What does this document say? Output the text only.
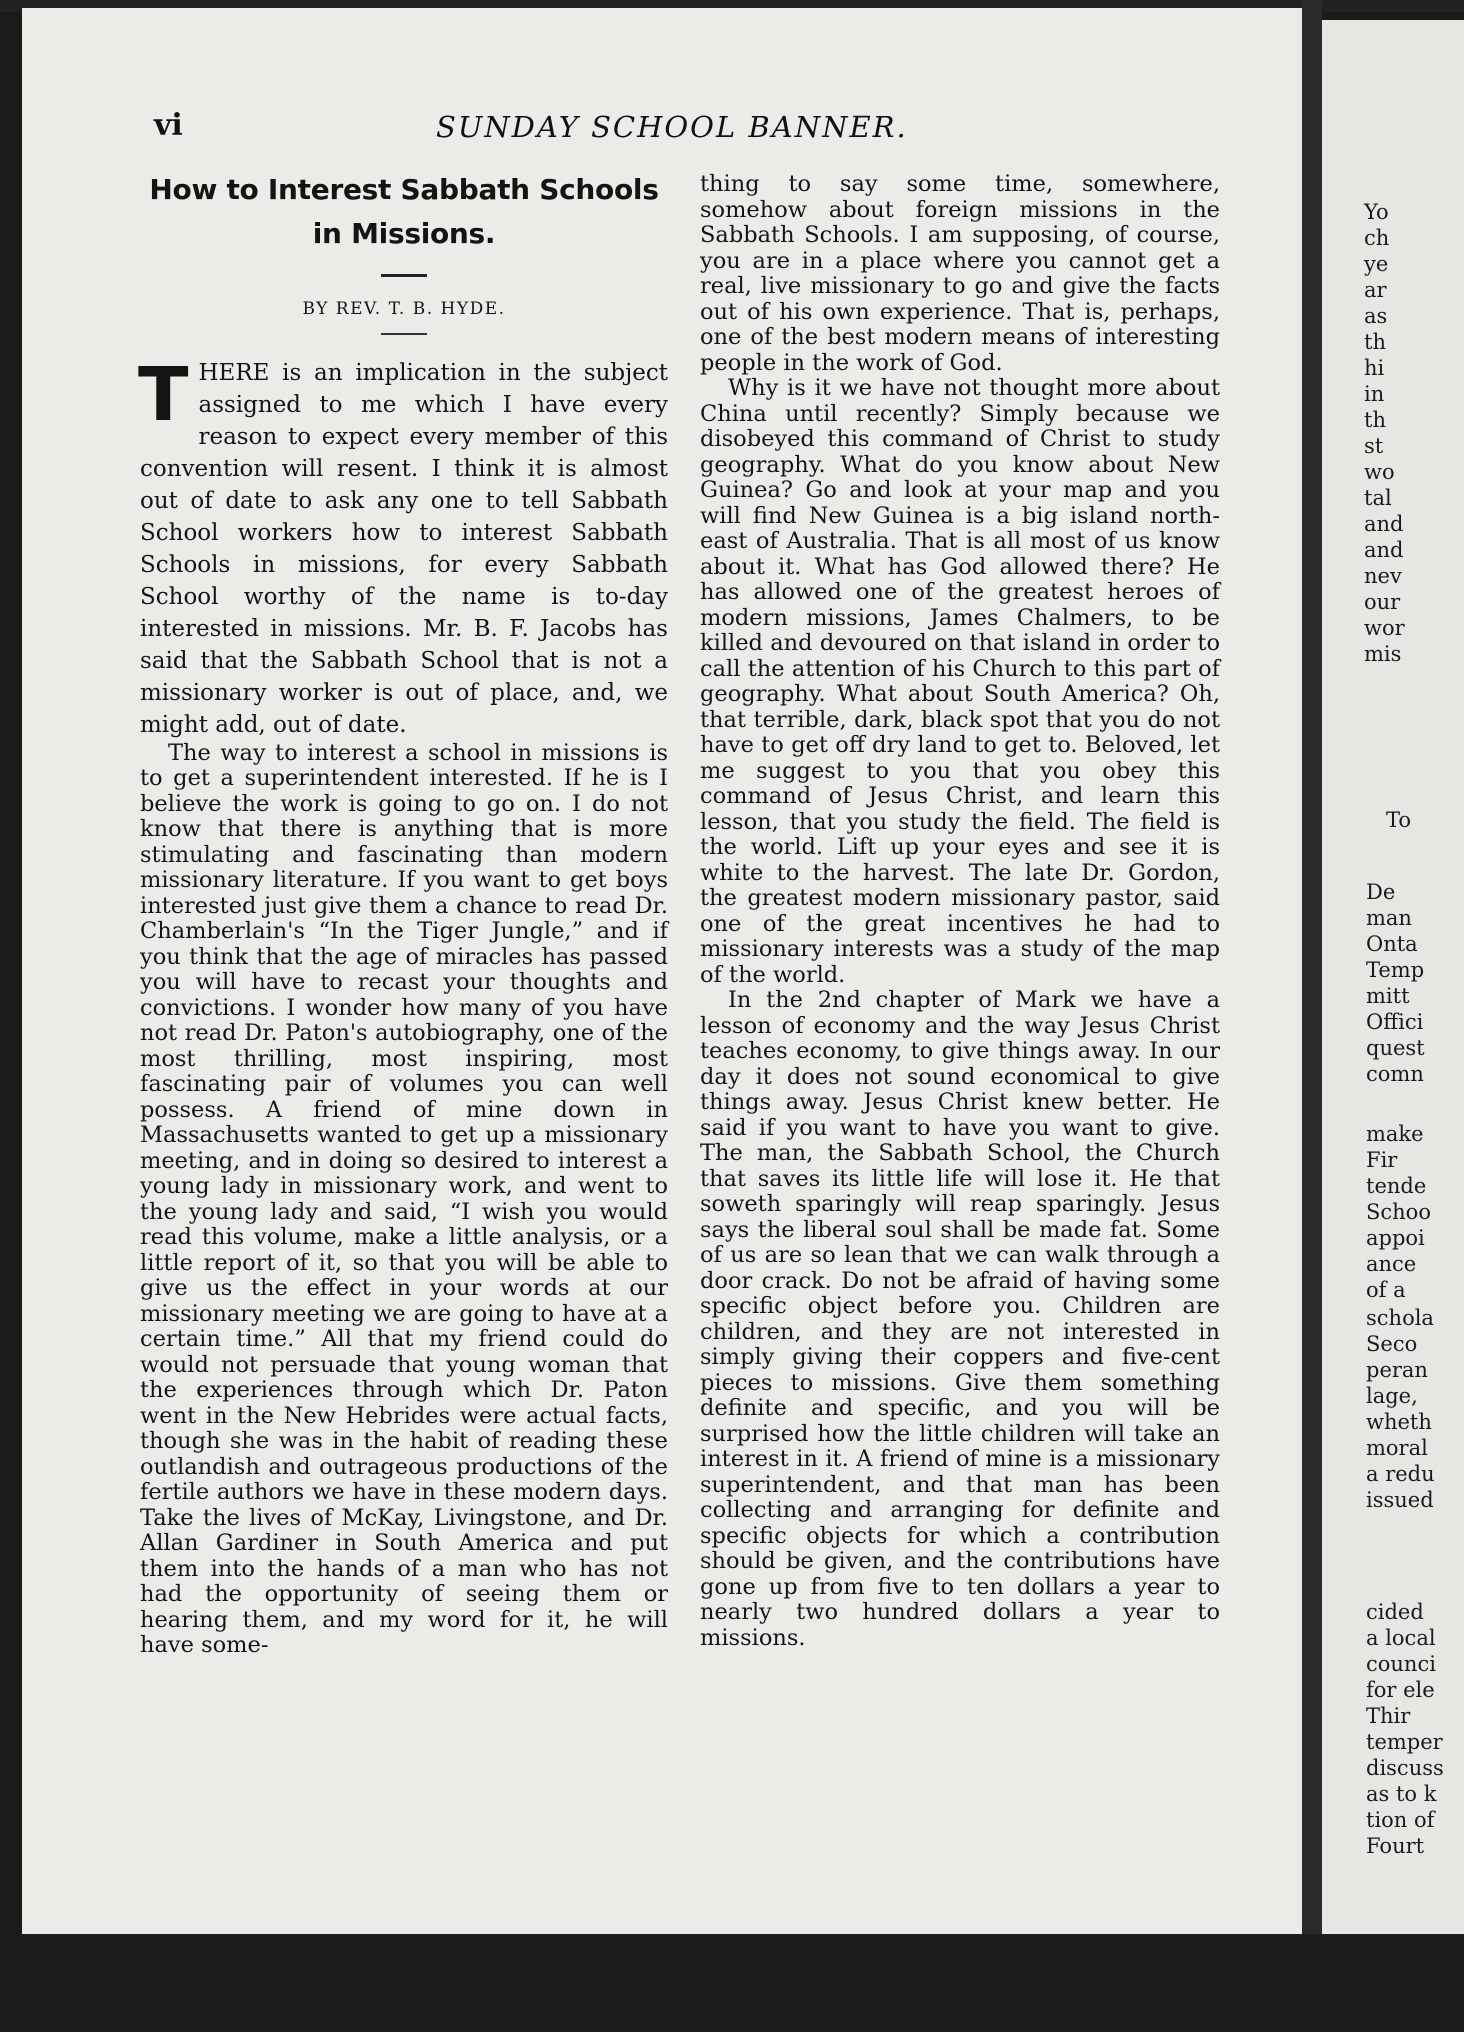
Yo
ch
ye
ar
as
th
hi
in
th
st
wo
tal
and
and
nev
our
wor
mis
To
De
man
Onta
Temp
mitt
Offici
quest
comn
make
Fir
tende
Schoo
appoi
ance
of a
schola
Seco
peran
lage,
wheth
moral
a redu
issued
cided
a local
counci
for ele
Thir
temper
discuss
as to k
tion of
Fourt
vi	SUNDAY SCHOOL BANNER.
How to Interest Sabbath Schools
in Missions.
BY REV. T. B. HYDE.

THERE is an implication in the subject assigned to me which I have every reason to expect every member of this convention will resent. I think it is almost out of date to ask any one to tell Sabbath School workers how to interest Sabbath Schools in missions, for every Sabbath School worthy of the name is to-day interested in missions. Mr. B. F. Jacobs has said that the Sabbath School that is not a missionary worker is out of place, and, we might add, out of date.

The way to interest a school in missions is to get a superintendent interested. If he is I believe the work is going to go on. I do not know that there is anything that is more stimulating and fascinating than modern missionary literature. If you want to get boys interested just give them a chance to read Dr. Chamberlain's “In the Tiger Jungle,” and if you think that the age of miracles has passed you will have to recast your thoughts and convictions. I wonder how many of you have not read Dr. Paton's autobiography, one of the most thrilling, most inspiring, most fascinating pair of volumes you can well possess. A friend of mine down in Massachusetts wanted to get up a missionary meeting, and in doing so desired to interest a young lady in missionary work, and went to the young lady and said, “I wish you would read this volume, make a little analysis, or a little report of it, so that you will be able to give us the effect in your words at our missionary meeting we are going to have at a certain time.” All that my friend could do would not persuade that young woman that the experiences through which Dr. Paton went in the New Hebrides were actual facts, though she was in the habit of reading these outlandish and outrageous productions of the fertile authors we have in these modern days. Take the lives of McKay, Livingstone, and Dr. Allan Gardiner in South America and put them into the hands of a man who has not had the opportunity of seeing them or hearing them, and my word for it, he will have some-

thing to say some time, somewhere, somehow about foreign missions in the Sabbath Schools. I am supposing, of course, you are in a place where you cannot get a real, live missionary to go and give the facts out of his own experience. That is, perhaps, one of the best modern means of interesting people in the work of God.

Why is it we have not thought more about China until recently? Simply because we disobeyed this command of Christ to study geography. What do you know about New Guinea? Go and look at your map and you will find New Guinea is a big island north-east of Australia. That is all most of us know about it. What has God allowed there? He has allowed one of the greatest heroes of modern missions, James Chalmers, to be killed and devoured on that island in order to call the attention of his Church to this part of geography. What about South America? Oh, that terrible, dark, black spot that you do not have to get off dry land to get to. Beloved, let me suggest to you that you obey this command of Jesus Christ, and learn this lesson, that you study the field. The field is the world. Lift up your eyes and see it is white to the harvest. The late Dr. Gordon, the greatest modern missionary pastor, said one of the great incentives he had to missionary interests was a study of the map of the world.

In the 2nd chapter of Mark we have a lesson of economy and the way Jesus Christ teaches economy, to give things away. In our day it does not sound economical to give things away. Jesus Christ knew better. He said if you want to have you want to give. The man, the Sabbath School, the Church that saves its little life will lose it. He that soweth sparingly will reap sparingly. Jesus says the liberal soul shall be made fat. Some of us are so lean that we can walk through a door crack. Do not be afraid of having some specific object before you. Children are children, and they are not interested in simply giving their coppers and five-cent pieces to missions. Give them something definite and specific, and you will be surprised how the little children will take an interest in it. A friend of mine is a missionary superintendent, and that man has been collecting and arranging for definite and specific objects for which a contribution should be given, and the contributions have gone up from five to ten dollars a year to nearly two hundred dollars a year to missions.
